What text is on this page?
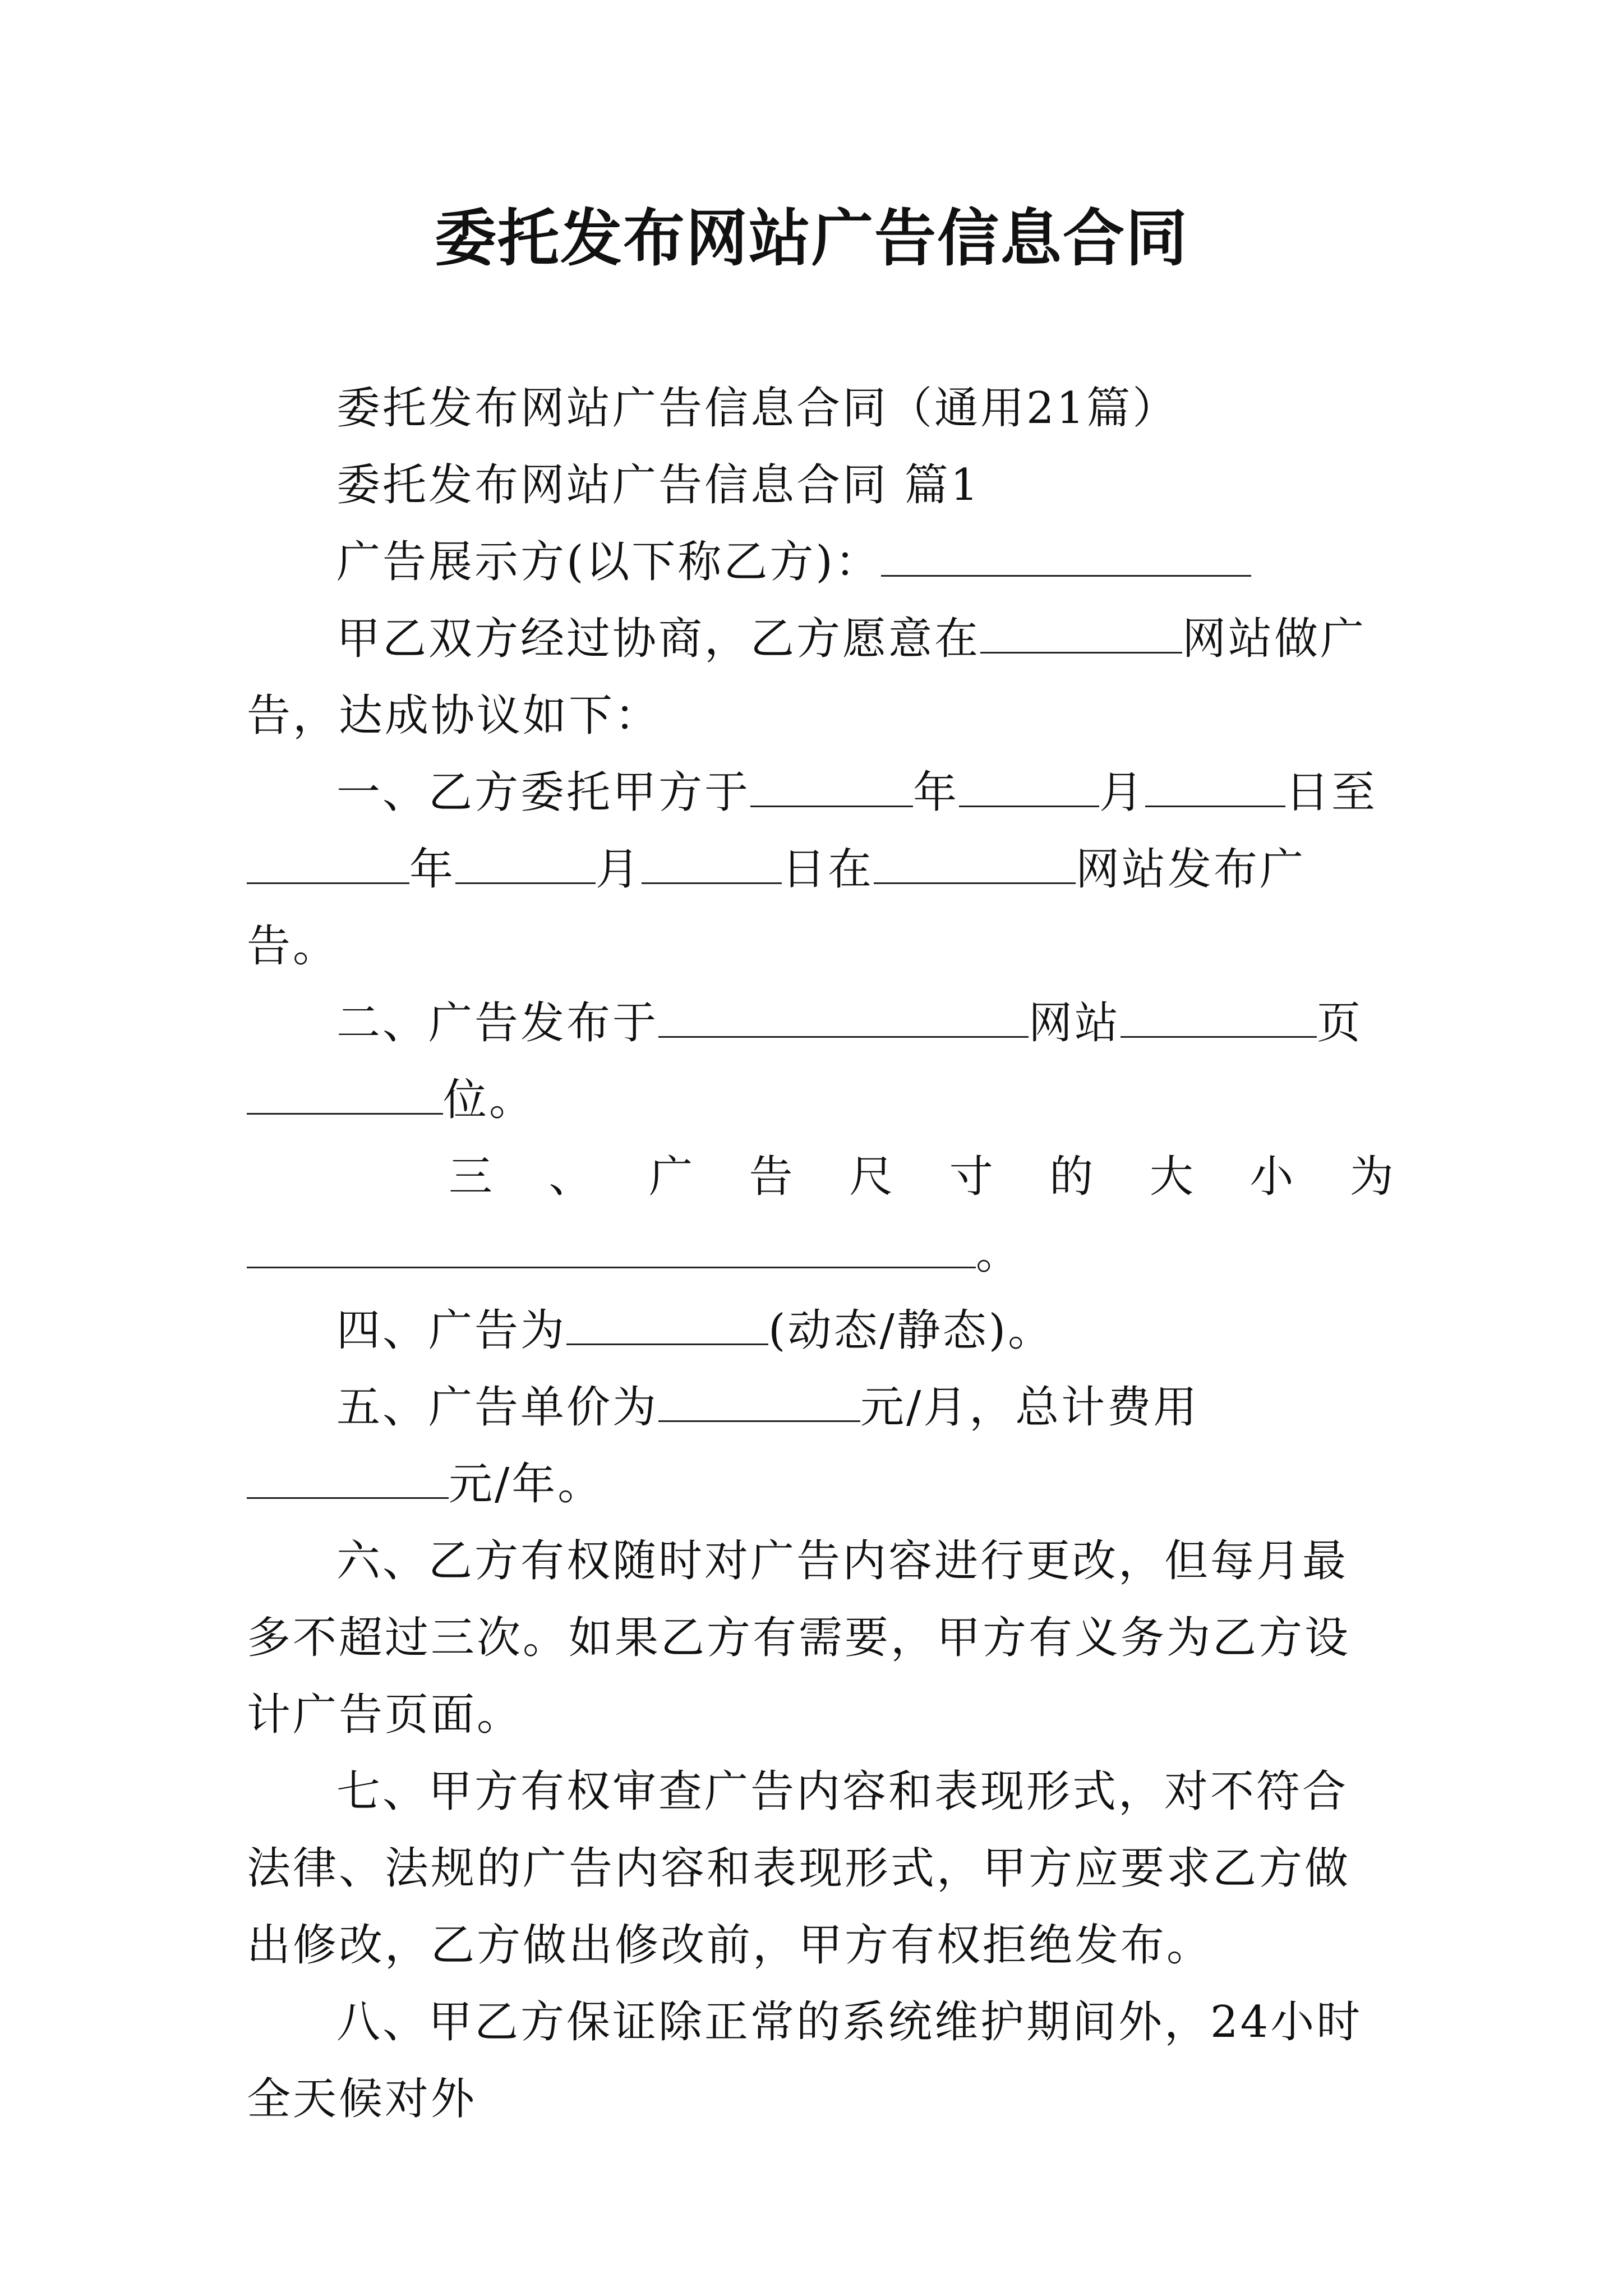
委托发布网站广告信息合同

委托发布网站广告信息合同（通用21篇）

委托发布网站广告信息合同 篇1

广告展示方(以下称乙方)：

甲乙双方经过协商，乙方愿意在	网站做广告，达成协议如下：

一、乙方委托甲方于	年	月	日至年	月	日在	网站发布广告。

二、广告发布于	网站	页位。

三 、 广 告 尺 寸 的 大 小 为

。

四、广告为	(动态/静态)。

五、广告单价为	元/月，总计费用元/年。

六、乙方有权随时对广告内容进行更改，但每月最多不超过三次。如果乙方有需要，甲方有义务为乙方设计广告页面。

七、甲方有权审查广告内容和表现形式，对不符合法律、法规的广告内容和表现形式，甲方应要求乙方做出修改，乙方做出修改前，甲方有权拒绝发布。

八、甲乙方保证除正常的系统维护期间外，24小时全天候对外
